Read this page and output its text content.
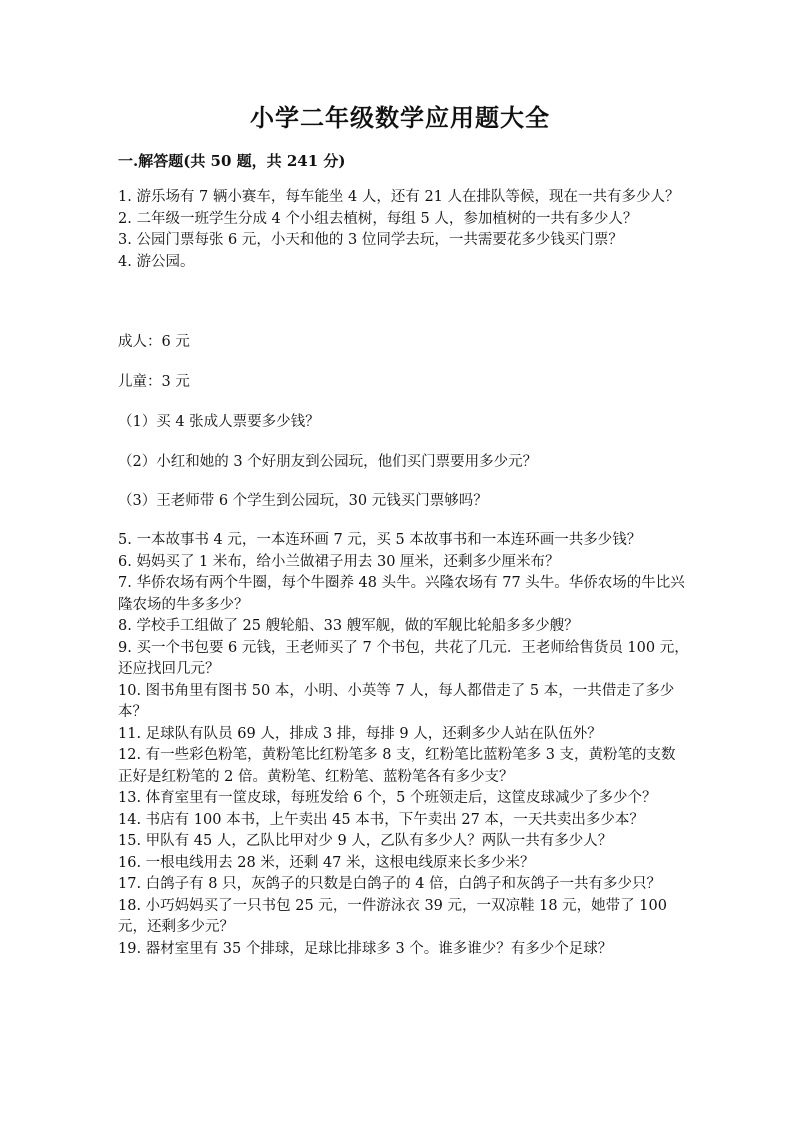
小学二年级数学应用题大全
一.解答题(共 50 题，共 241 分)

1. 游乐场有 7 辆小赛车，每车能坐 4 人，还有 21 人在排队等候，现在一共有多少人？

2. 二年级一班学生分成 4 个小组去植树，每组 5 人，参加植树的一共有多少人？

3. 公园门票每张 6 元，小天和他的 3 位同学去玩，一共需要花多少钱买门票？

4. 游公园。

成人：6 元
儿童：3 元
（1）买 4 张成人票要多少钱？
（2）小红和她的 3 个好朋友到公园玩，他们买门票要用多少元？
（3）王老师带 6 个学生到公园玩，30 元钱买门票够吗？

5. 一本故事书 4 元，一本连环画 7 元，买 5 本故事书和一本连环画一共多少钱？

6. 妈妈买了 1 米布，给小兰做裙子用去 30 厘米，还剩多少厘米布？

7. 华侨农场有两个牛圈，每个牛圈养 48 头牛。兴隆农场有 77 头牛。华侨农场的牛比兴隆农场的牛多多少？

8. 学校手工组做了 25 艘轮船、33 艘军舰，做的军舰比轮船多多少艘？

9. 买一个书包要 6 元钱，王老师买了 7 个书包，共花了几元．王老师给售货员 100 元，还应找回几元？

10. 图书角里有图书 50 本，小明、小英等 7 人，每人都借走了 5 本，一共借走了多少本？

11. 足球队有队员 69 人，排成 3 排，每排 9 人，还剩多少人站在队伍外？

12. 有一些彩色粉笔，黄粉笔比红粉笔多 8 支，红粉笔比蓝粉笔多 3 支，黄粉笔的支数正好是红粉笔的 2 倍。黄粉笔、红粉笔、蓝粉笔各有多少支？

13. 体育室里有一筐皮球，每班发给 6 个，5 个班领走后，这筐皮球减少了多少个？

14. 书店有 100 本书，上午卖出 45 本书，下午卖出 27 本，一天共卖出多少本？

15. 甲队有 45 人，乙队比甲对少 9 人，乙队有多少人？两队一共有多少人？

16. 一根电线用去 28 米，还剩 47 米，这根电线原来长多少米？

17. 白鸽子有 8 只，灰鸽子的只数是白鸽子的 4 倍，白鸽子和灰鸽子一共有多少只？

18. 小巧妈妈买了一只书包 25 元，一件游泳衣 39 元，一双凉鞋 18 元，她带了 100 元，还剩多少元？

19. 器材室里有 35 个排球，足球比排球多 3 个。谁多谁少？有多少个足球？
